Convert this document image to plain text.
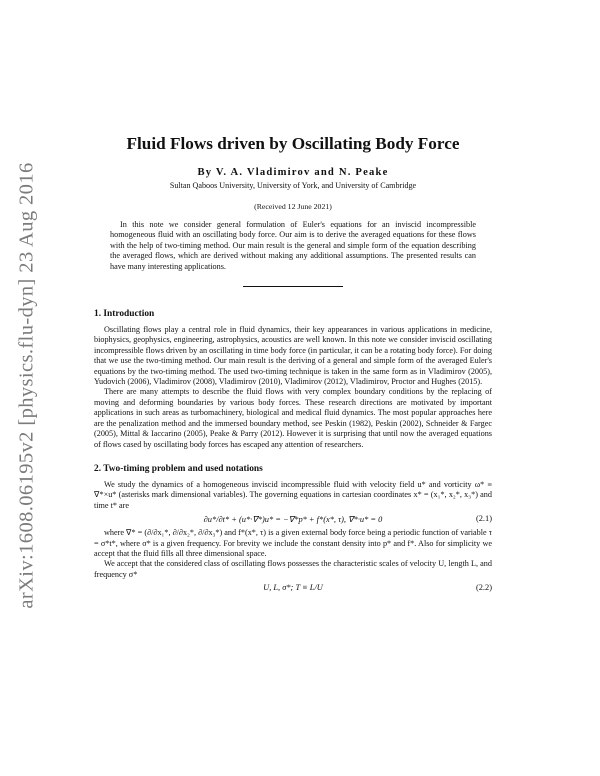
arXiv:1608.06195v2 [physics.flu-dyn] 23 Aug 2016
Fluid Flows driven by Oscillating Body Force
By V. A. Vladimirov and N. Peake
Sultan Qaboos University, University of York, and University of Cambridge
(Received 12 June 2021)

In this note we consider general formulation of Euler's equations for an inviscid incompressible homogeneous fluid with an oscillating body force. Our aim is to derive the averaged equations for these flows with the help of two-timing method. Our main result is the general and simple form of the equation describing the averaged flows, which are derived without making any additional assumptions. The presented results can have many interesting applications.

1. Introduction

Oscillating flows play a central role in fluid dynamics, their key appearances in various applications in medicine, biophysics, geophysics, engineering, astrophysics, acoustics are well known. In this note we consider inviscid oscillating incompressible flows driven by an oscillating in time body force (in particular, it can be a rotating body force). For doing that we use the two-timing method. Our main result is the deriving of a general and simple form of the averaged Euler's equations by the two-timing method. The used two-timing technique is taken in the same form as in Vladimirov (2005), Yudovich (2006), Vladimirov (2008), Vladimirov (2010), Vladimirov (2012), Vladimirov, Proctor and Hughes (2015).

There are many attempts to describe the fluid flows with very complex boundary conditions by the replacing of moving and deforming boundaries by various body forces. These research directions are motivated by important applications in such areas as turbomachinery, biological and medical fluid dynamics. The most popular approaches here are the penalization method and the immersed boundary method, see Peskin (1982), Peskin (2002), Schneider & Fargec (2005), Mittal & Iaccarino (2005), Peake & Parry (2012). However it is surprising that until now the averaged equations of flows cased by oscillating body forces has escaped any attention of researchers.

2. Two-timing problem and used notations

We study the dynamics of a homogeneous inviscid incompressible fluid with velocity field u* and vorticity ω* ≡ ∇*×u* (asterisks mark dimensional variables). The governing equations in cartesian coordinates x* = (x₁*, x₂*, x₃*) and time t* are

∂u*/∂t* + (u*·∇*)u* = −∇*p* + f*(x*, τ), ∇*·u* = 0	(2.1)

where ∇* = (∂/∂x₁*, ∂/∂x₂*, ∂/∂x₃*) and f*(x*, τ) is a given external body force being a periodic function of variable τ = σ*t*, where σ* is a given frequency. For brevity we include the constant density into p* and f*. Also for simplicity we accept that the fluid fills all three dimensional space.

We accept that the considered class of oscillating flows possesses the characteristic scales of velocity U, length L, and frequency σ*

U, L, σ*; T ≡ L/U	(2.2)
